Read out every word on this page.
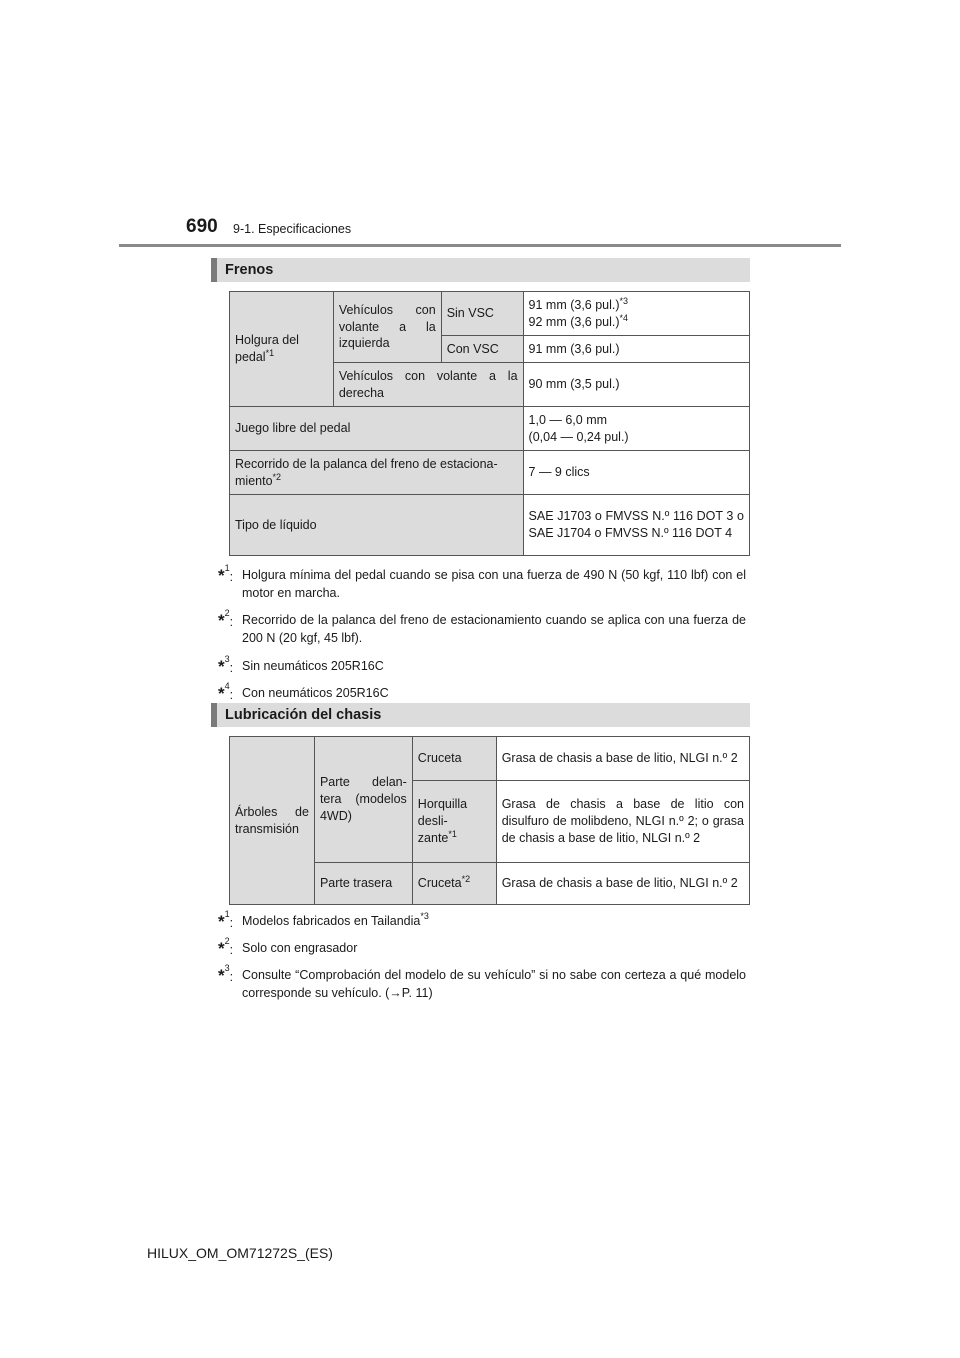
690 9-1. Especificaciones
Frenos
Holgura del pedal$^{*1}$	Vehículos con volante a la izquierda	Sin VSC	91 mm (3,6 pul.)$^{*3}$
92 mm (3,6 pul.)$^{*4}$
		Con VSC	91 mm (3,6 pul.)
	Vehículos con volante a la derecha		90 mm (3,5 pul.)
Juego libre del pedal			1,0 — 6,0 mm
(0,04 — 0,24 pul.)
Recorrido de la palanca del freno de estaciona-
miento$^{*2}$			7 — 9 clics
Tipo de líquido			SAE J1703 o FMVSS N.º 116 DOT 3 o SAE J1704 o FMVSS N.º 116 DOT 4
*$^1$: Holgura mínima del pedal cuando se pisa con una fuerza de 490 N (50 kgf, 110 lbf) con el motor en marcha.
*$^2$: Recorrido de la palanca del freno de estacionamiento cuando se aplica con una fuerza de 200 N (20 kgf, 45 lbf).
*$^3$: Sin neumáticos 205R16C
*$^4$: Con neumáticos 205R16C
Lubricación del chasis
Árboles de transmisión	Parte delan- tera (modelos 4WD)	Cruceta	Grasa de chasis a base de litio, NLGI n.º 2
		Horquilla
desli-
zante$^{*1}$	Grasa de chasis a base de litio con disulfuro de molibdeno, NLGI n.º 2; o grasa de chasis a base de litio, NLGI n.º 2
	Parte trasera	Cruceta$^{*2}$	Grasa de chasis a base de litio, NLGI n.º 2
*$^1$: Modelos fabricados en Tailandia$^{*3}$
*$^2$: Solo con engrasador
*$^3$: Consulte “Comprobación del modelo de su vehículo” si no sabe con certeza a qué modelo corresponde su vehículo. (→P. 11)
HILUX_OM_OM71272S_(ES)
